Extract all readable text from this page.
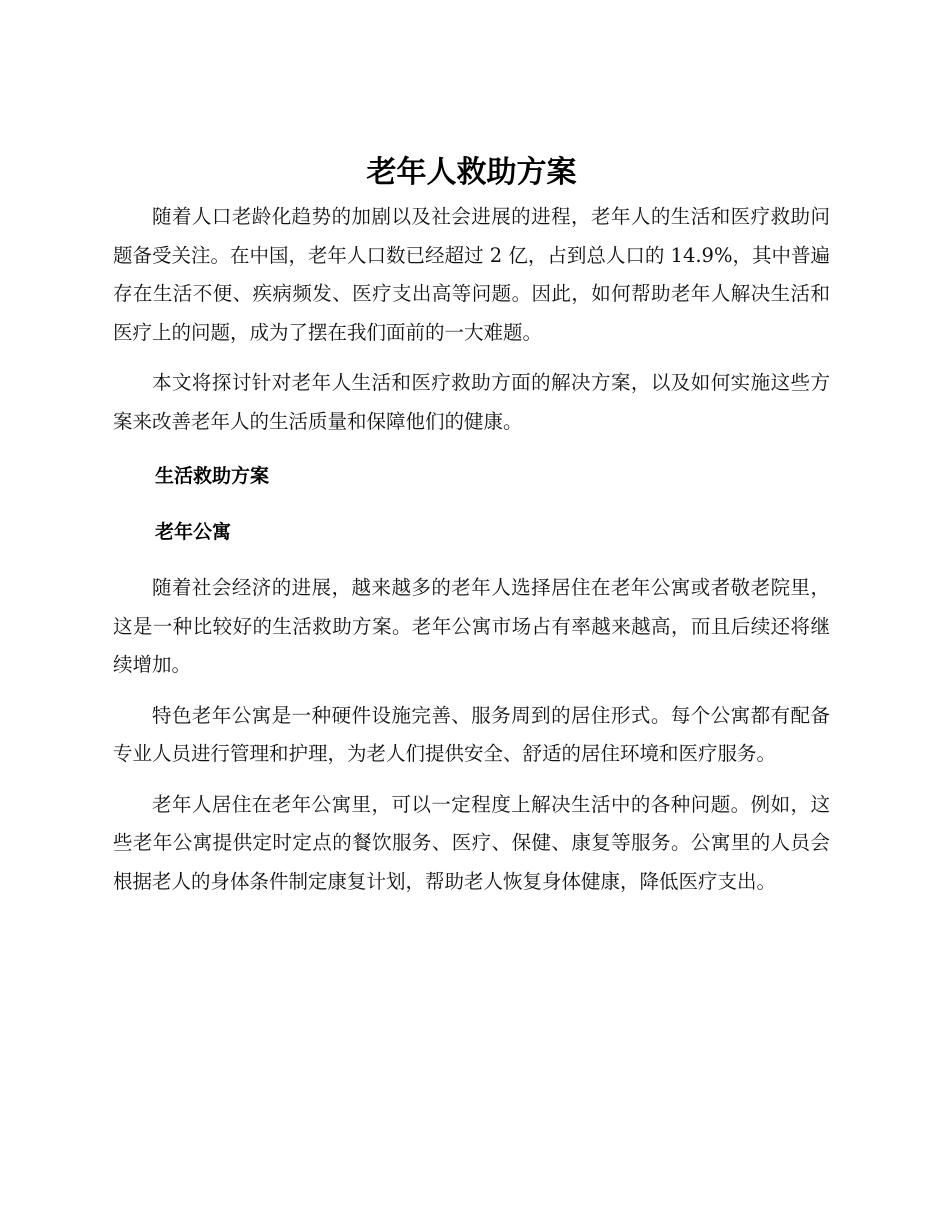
老年人救助方案

随着人口老龄化趋势的加剧以及社会进展的进程，老年人的生活和医疗救助问题备受关注。在中国，老年人口数已经超过 2 亿，占到总人口的 14.9%，其中普遍存在生活不便、疾病频发、医疗支出高等问题。因此，如何帮助老年人解决生活和医疗上的问题，成为了摆在我们面前的一大难题。

本文将探讨针对老年人生活和医疗救助方面的解决方案，以及如何实施这些方案来改善老年人的生活质量和保障他们的健康。

生活救助方案
老年公寓

随着社会经济的进展，越来越多的老年人选择居住在老年公寓或者敬老院里，这是一种比较好的生活救助方案。老年公寓市场占有率越来越高，而且后续还将继续增加。

特色老年公寓是一种硬件设施完善、服务周到的居住形式。每个公寓都有配备专业人员进行管理和护理，为老人们提供安全、舒适的居住环境和医疗服务。

老年人居住在老年公寓里，可以一定程度上解决生活中的各种问题。例如，这些老年公寓提供定时定点的餐饮服务、医疗、保健、康复等服务。公寓里的人员会根据老人的身体条件制定康复计划，帮助老人恢复身体健康，降低医疗支出。
